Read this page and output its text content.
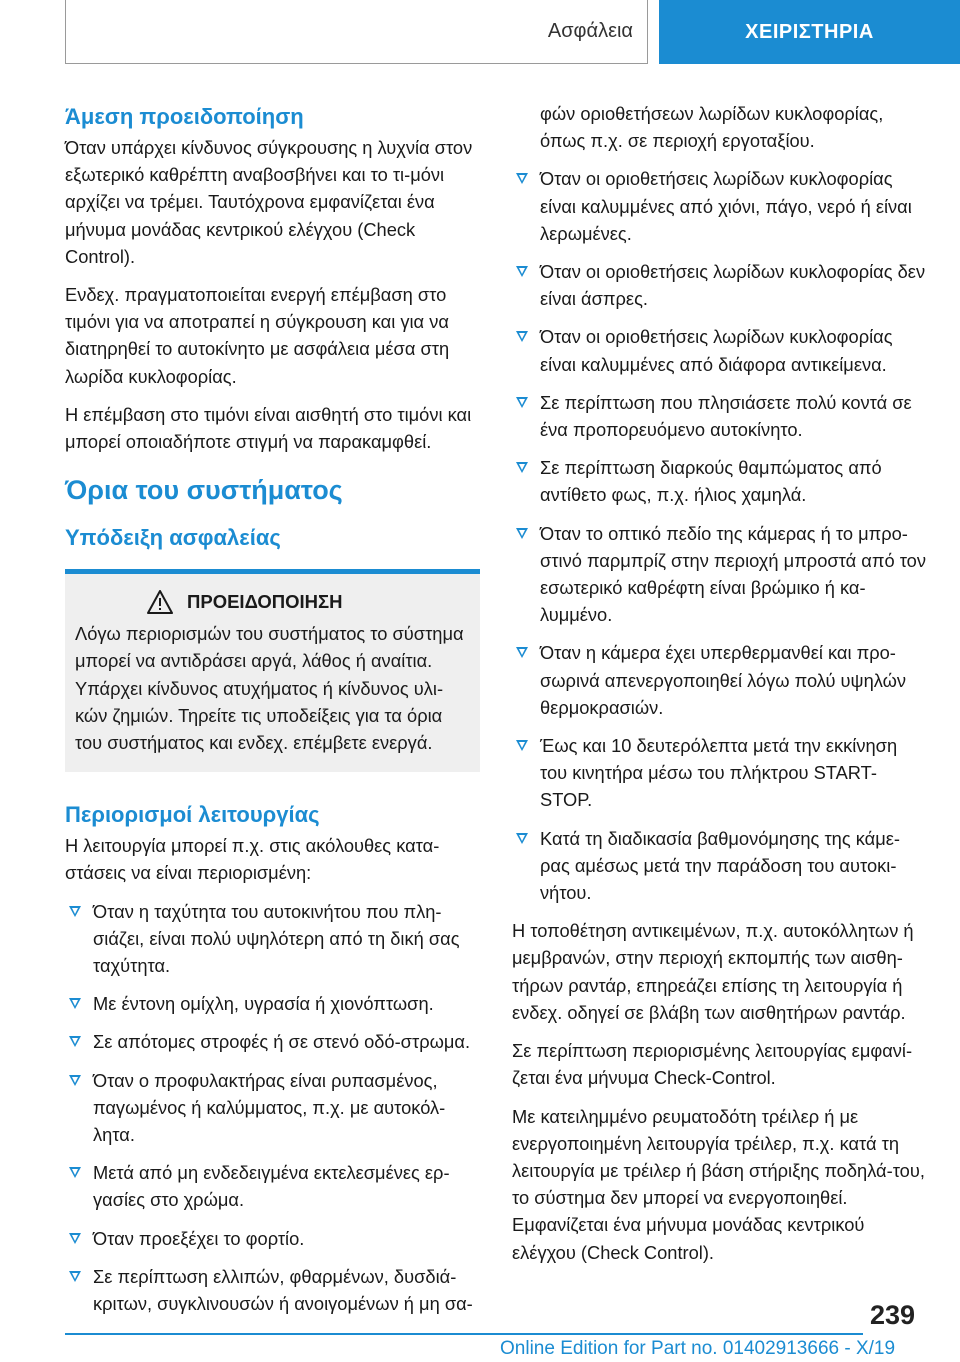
Ασφάλεια	ΧΕΙΡΙΣΤΗΡΙΑ
Άμεση προειδοποίηση

Όταν υπάρχει κίνδυνος σύγκρουσης η λυχνία στον εξωτερικό καθρέπτη αναβοσβήνει και το τι-μόνι αρχίζει να τρέμει. Ταυτόχρονα εμφανίζεται ένα μήνυμα μονάδας κεντρικού ελέγχου (Check Control).

Ενδεχ. πραγματοποιείται ενεργή επέμβαση στο τιμόνι για να αποτραπεί η σύγκρουση και για να διατηρηθεί το αυτοκίνητο με ασφάλεια μέσα στη λωρίδα κυκλοφορίας.

Η επέμβαση στο τιμόνι είναι αισθητή στο τιμόνι και μπορεί οποιαδήποτε στιγμή να παρακαμφθεί.

Όρια του συστήματος
Υπόδειξη ασφαλείας
ΠΡΟΕΙΔΟΠΟΙΗΣΗ

Λόγω περιορισμών του συστήματος το σύστημα μπορεί να αντιδράσει αργά, λάθος ή αναίτια. Υπάρχει κίνδυνος ατυχήματος ή κίνδυνος υλι-κών ζημιών. Τηρείτε τις υποδείξεις για τα όρια του συστήματος και ενδεχ. επέμβετε ενεργά.

Περιορισμοί λειτουργίας

Η λειτουργία μπορεί π.χ. στις ακόλουθες κατα-στάσεις να είναι περιορισμένη:

Όταν η ταχύτητα του αυτοκινήτου που πλη-σιάζει, είναι πολύ υψηλότερη από τη δική σας ταχύτητα.
Με έντονη ομίχλη, υγρασία ή χιονόπτωση.
Σε απότομες στροφές ή σε στενό οδό-στρωμα.
Όταν ο προφυλακτήρας είναι ρυπασμένος, παγωμένος ή καλύμματος, π.χ. με αυτοκόλ-λητα.
Μετά από μη ενδεδειγμένα εκτελεσμένες ερ-γασίες στο χρώμα.
Όταν προεξέχει το φορτίο.
Σε περίπτωση ελλιπών, φθαρμένων, δυσδιά-κριτων, συγκλινουσών ή ανοιγομένων ή μη σα-

φών οριοθετήσεων λωρίδων κυκλοφορίας, όπως π.χ. σε περιοχή εργοταξίου.

Όταν οι οριοθετήσεις λωρίδων κυκλοφορίας είναι καλυμμένες από χιόνι, πάγο, νερό ή είναι λερωμένες.
Όταν οι οριοθετήσεις λωρίδων κυκλοφορίας δεν είναι άσπρες.
Όταν οι οριοθετήσεις λωρίδων κυκλοφορίας είναι καλυμμένες από διάφορα αντικείμενα.
Σε περίπτωση που πλησιάσετε πολύ κοντά σε ένα προπορευόμενο αυτοκίνητο.
Σε περίπτωση διαρκούς θαμπώματος από αντίθετο φως, π.χ. ήλιος χαμηλά.
Όταν το οπτικό πεδίο της κάμερας ή το μπρο-στινό παρμπρίζ στην περιοχή μπροστά από τον εσωτερικό καθρέφτη είναι βρώμικο ή κα-λυμμένο.
Όταν η κάμερα έχει υπερθερμανθεί και προ-σωρινά απενεργοποιηθεί λόγω πολύ υψηλών θερμοκρασιών.
Έως και 10 δευτερόλεπτα μετά την εκκίνηση του κινητήρα μέσω του πλήκτρου START-STOP.
Κατά τη διαδικασία βαθμονόμησης της κάμε-ρας αμέσως μετά την παράδοση του αυτοκι-νήτου.

Η τοποθέτηση αντικειμένων, π.χ. αυτοκόλλητων ή μεμβρανών, στην περιοχή εκπομπής των αισθη-τήρων ραντάρ, επηρεάζει επίσης τη λειτουργία ή ενδεχ. οδηγεί σε βλάβη των αισθητήρων ραντάρ.

Σε περίπτωση περιορισμένης λειτουργίας εμφανί-ζεται ένα μήνυμα Check-Control.

Με κατειλημμένο ρευματοδότη τρέιλερ ή με ενεργοποιημένη λειτουργία τρέιλερ, π.χ. κατά τη λειτουργία με τρέιλερ ή βάση στήριξης ποδηλά-του, το σύστημα δεν μπορεί να ενεργοποιηθεί. Εμφανίζεται ένα μήνυμα μονάδας κεντρικού ελέγχου (Check Control).

239
Online Edition for Part no. 01402913666 - X/19
